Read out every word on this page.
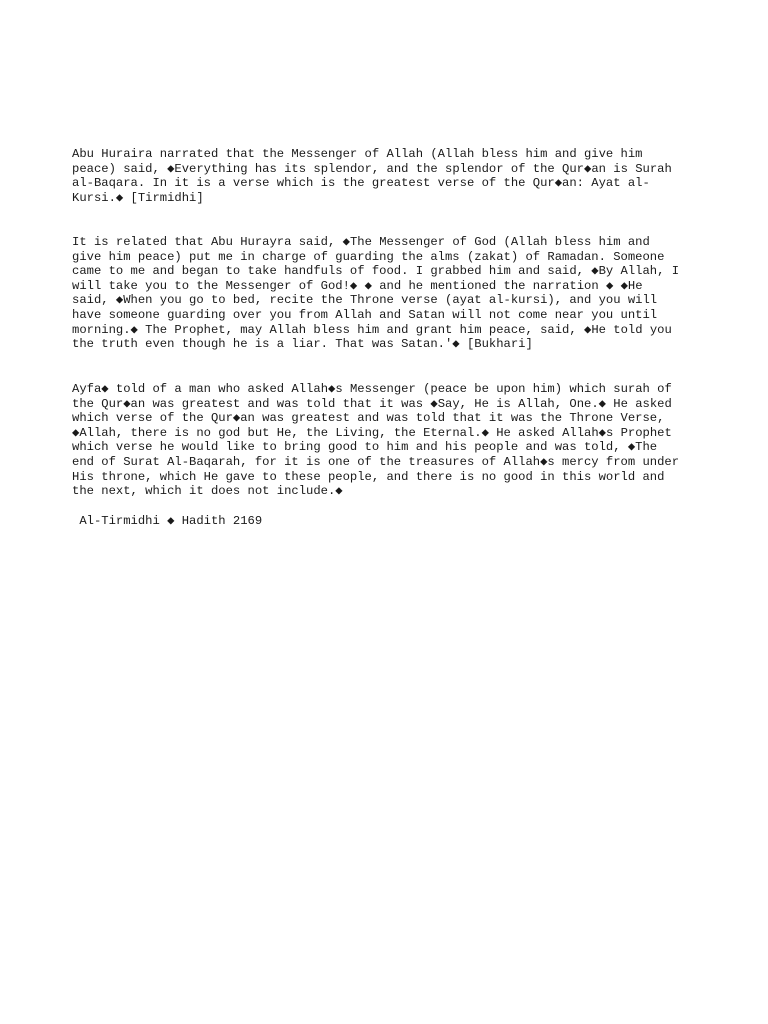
Abu Huraira narrated that the Messenger of Allah (Allah bless him and give him
peace) said, ◆Everything has its splendor, and the splendor of the Qur◆an is Surah
al-Baqara. In it is a verse which is the greatest verse of the Qur◆an: Ayat al-
Kursi.◆ [Tirmidhi]
It is related that Abu Hurayra said, ◆The Messenger of God (Allah bless him and
give him peace) put me in charge of guarding the alms (zakat) of Ramadan. Someone
came to me and began to take handfuls of food. I grabbed him and said, ◆By Allah, I
will take you to the Messenger of God!◆ ◆ and he mentioned the narration ◆ ◆He
said, ◆When you go to bed, recite the Throne verse (ayat al-kursi), and you will
have someone guarding over you from Allah and Satan will not come near you until
morning.◆ The Prophet, may Allah bless him and grant him peace, said, ◆He told you
the truth even though he is a liar. That was Satan.'◆ [Bukhari]
Ayfa◆ told of a man who asked Allah◆s Messenger (peace be upon him) which surah of
the Qur◆an was greatest and was told that it was ◆Say, He is Allah, One.◆ He asked
which verse of the Qur◆an was greatest and was told that it was the Throne Verse,
◆Allah, there is no god but He, the Living, the Eternal.◆ He asked Allah◆s Prophet
which verse he would like to bring good to him and his people and was told, ◆The
end of Surat Al-Baqarah, for it is one of the treasures of Allah◆s mercy from under
His throne, which He gave to these people, and there is no good in this world and
the next, which it does not include.◆
Al-Tirmidhi ◆ Hadith 2169
